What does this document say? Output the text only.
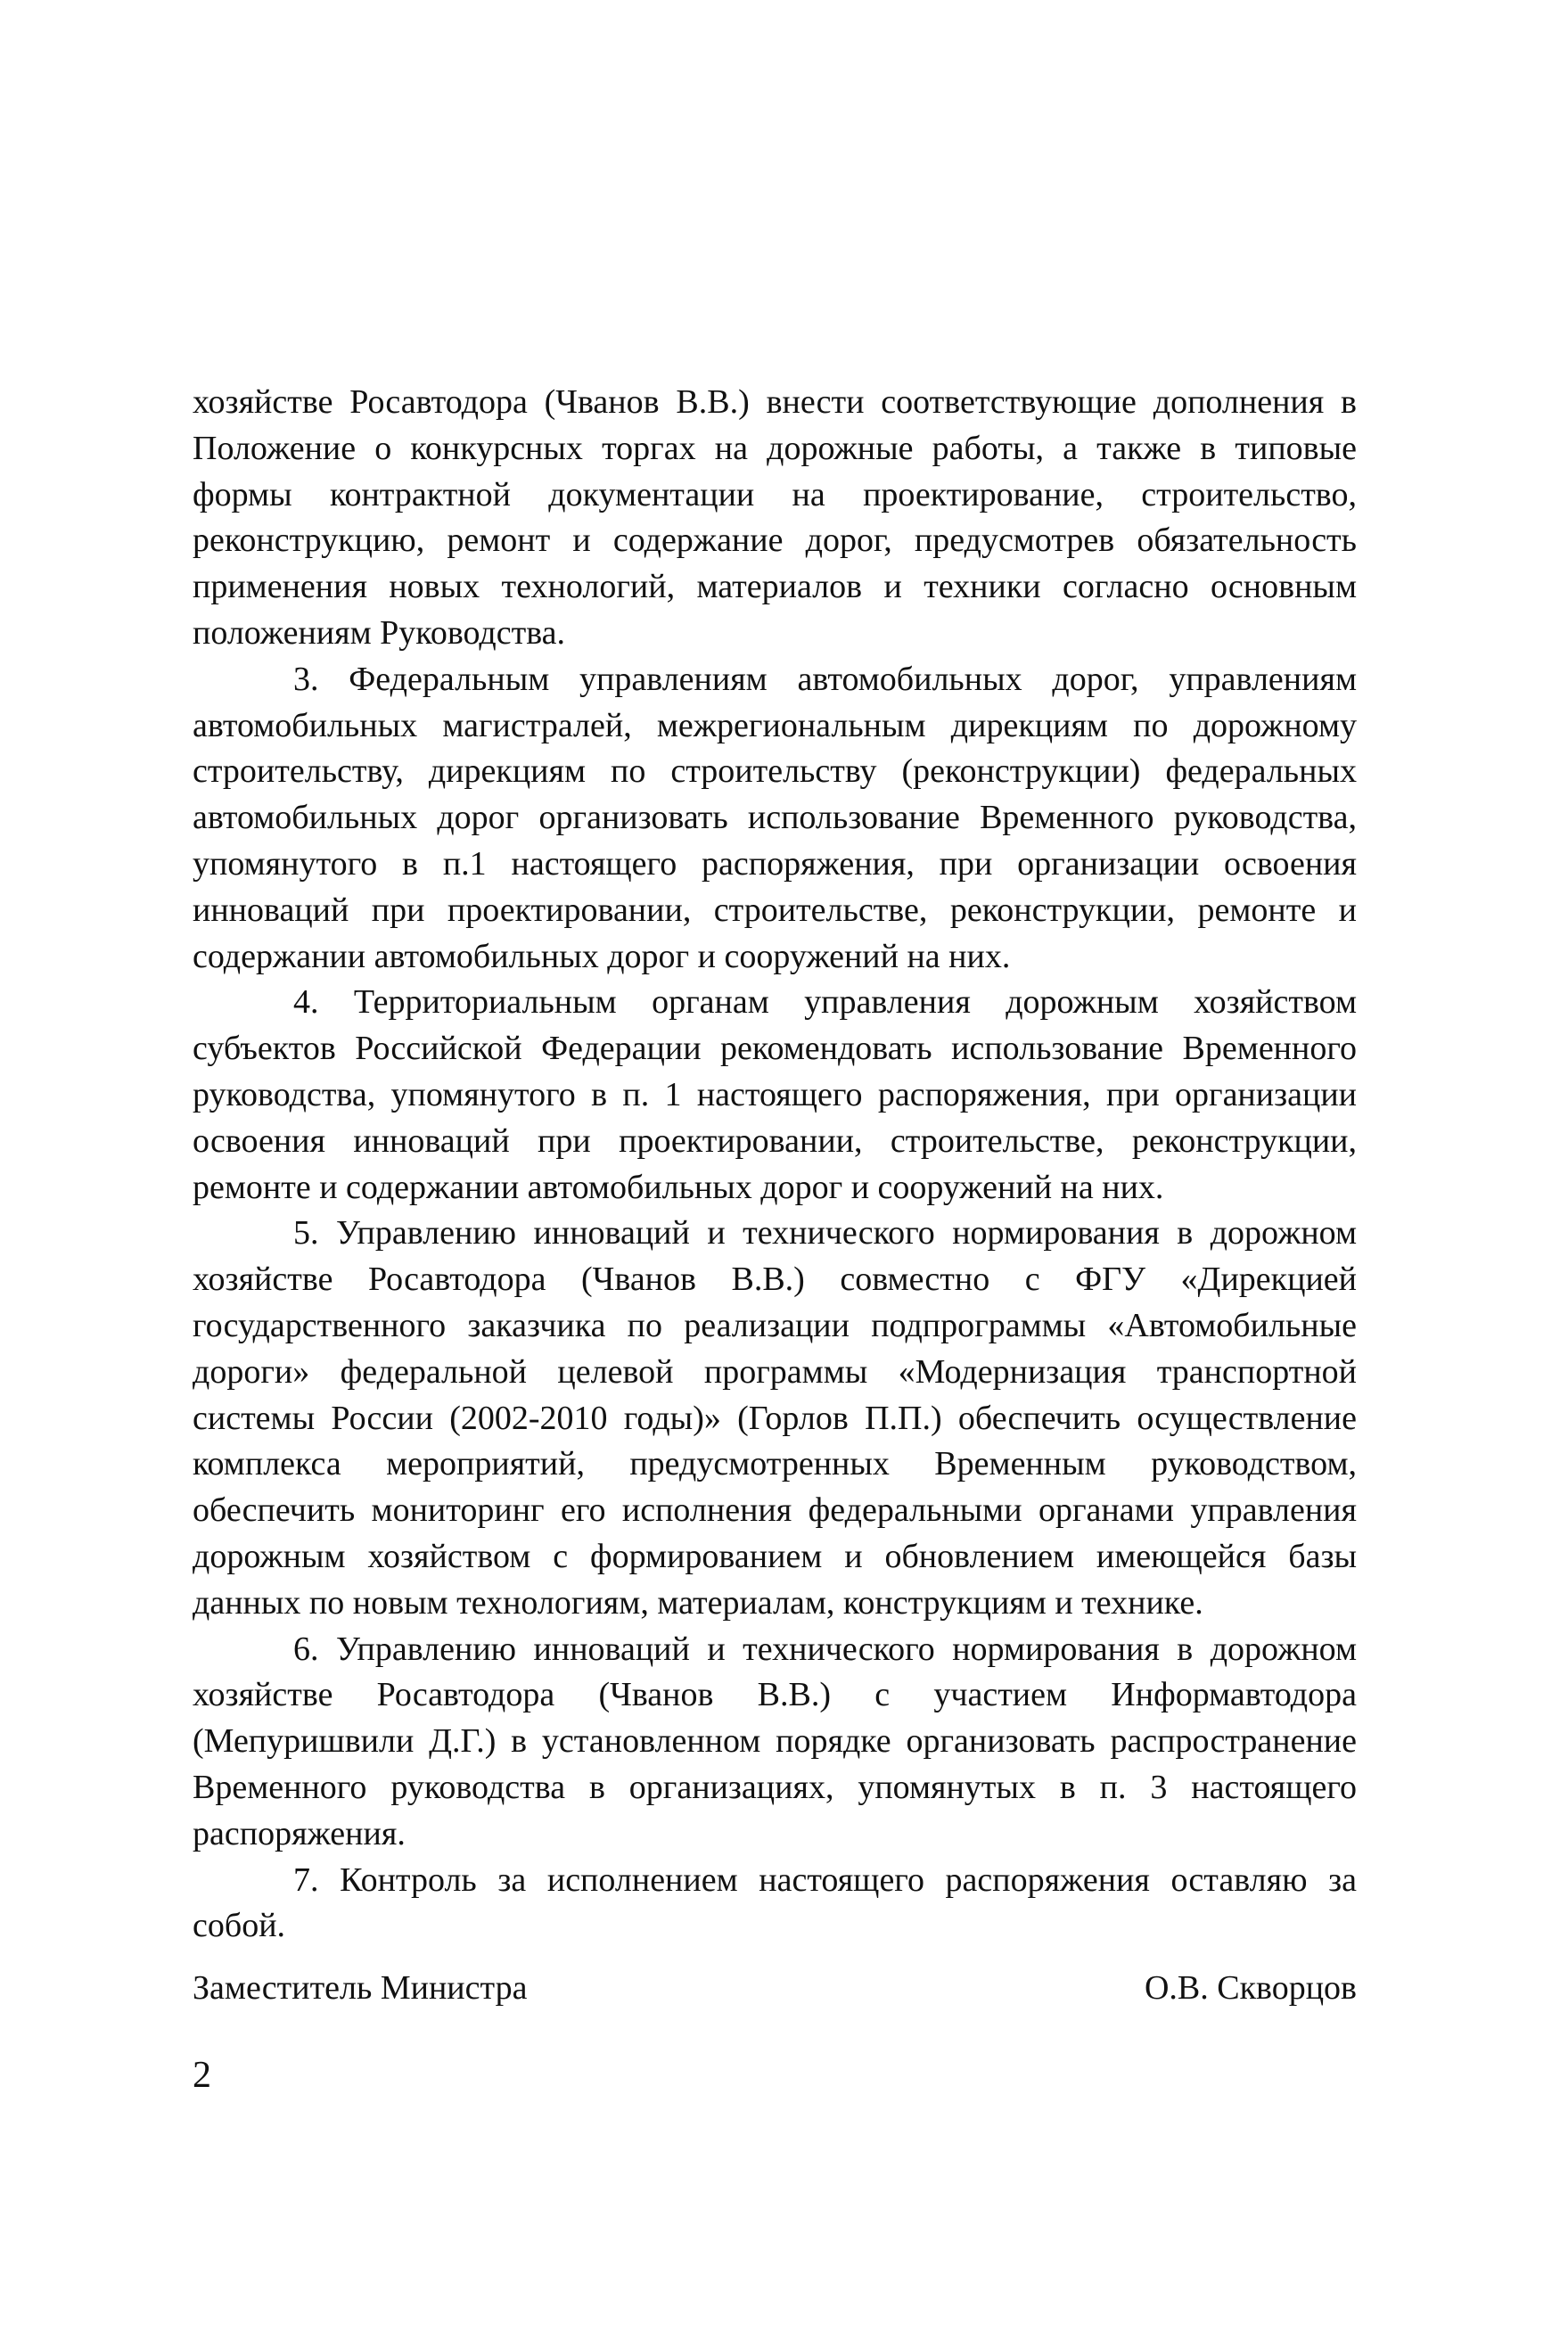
хозяйстве Росавтодора (Чванов В.В.) внести соответствующие дополнения в Положение о конкурсных торгах на дорожные работы, а также в типовые формы контрактной документации на проектирование, строительство, реконструкцию, ремонт и содержание дорог, предусмотрев обязательность применения новых технологий, материалов и техники согласно основным положениям Руководства.

3. Федеральным управлениям автомобильных дорог, управлениям автомобильных магистралей, межрегиональным дирекциям по дорожному строительству, дирекциям по строительству (реконструкции) федеральных автомобильных дорог организовать использование Временного руководства, упомянутого в п.1 настоящего распоряжения, при организации освоения инноваций при проектировании, строительстве, реконструкции, ремонте и содержании автомобильных дорог и сооружений на них.

4. Территориальным органам управления дорожным хозяйством субъектов Российской Федерации рекомендовать использование Временного руководства, упомянутого в п. 1 настоящего распоряжения, при организации освоения инноваций при проектировании, строительстве, реконструкции, ремонте и содержании автомобильных дорог и сооружений на них.

5. Управлению инноваций и технического нормирования в дорожном хозяйстве Росавтодора (Чванов В.В.) совместно с ФГУ «Дирекцией государственного заказчика по реализации подпрограммы «Автомобильные дороги» федеральной целевой программы «Модернизация транспортной системы России (2002-2010 годы)» (Горлов П.П.) обеспечить осуществление комплекса мероприятий, предусмотренных Временным руководством, обеспечить мониторинг его исполнения федеральными органами управления дорожным хозяйством с формированием и обновлением имеющейся базы данных по новым технологиям, материалам, конструкциям и технике.

6. Управлению инноваций и технического нормирования в дорожном хозяйстве Росавтодора (Чванов В.В.) с участием Информавтодора (Мепуришвили Д.Г.) в установленном порядке организовать распространение Временного руководства в организациях, упомянутых в п. 3 настоящего распоряжения.

7. Контроль за исполнением настоящего распоряжения оставляю за собой.

Заместитель Министра	О.В. Скворцов
2
